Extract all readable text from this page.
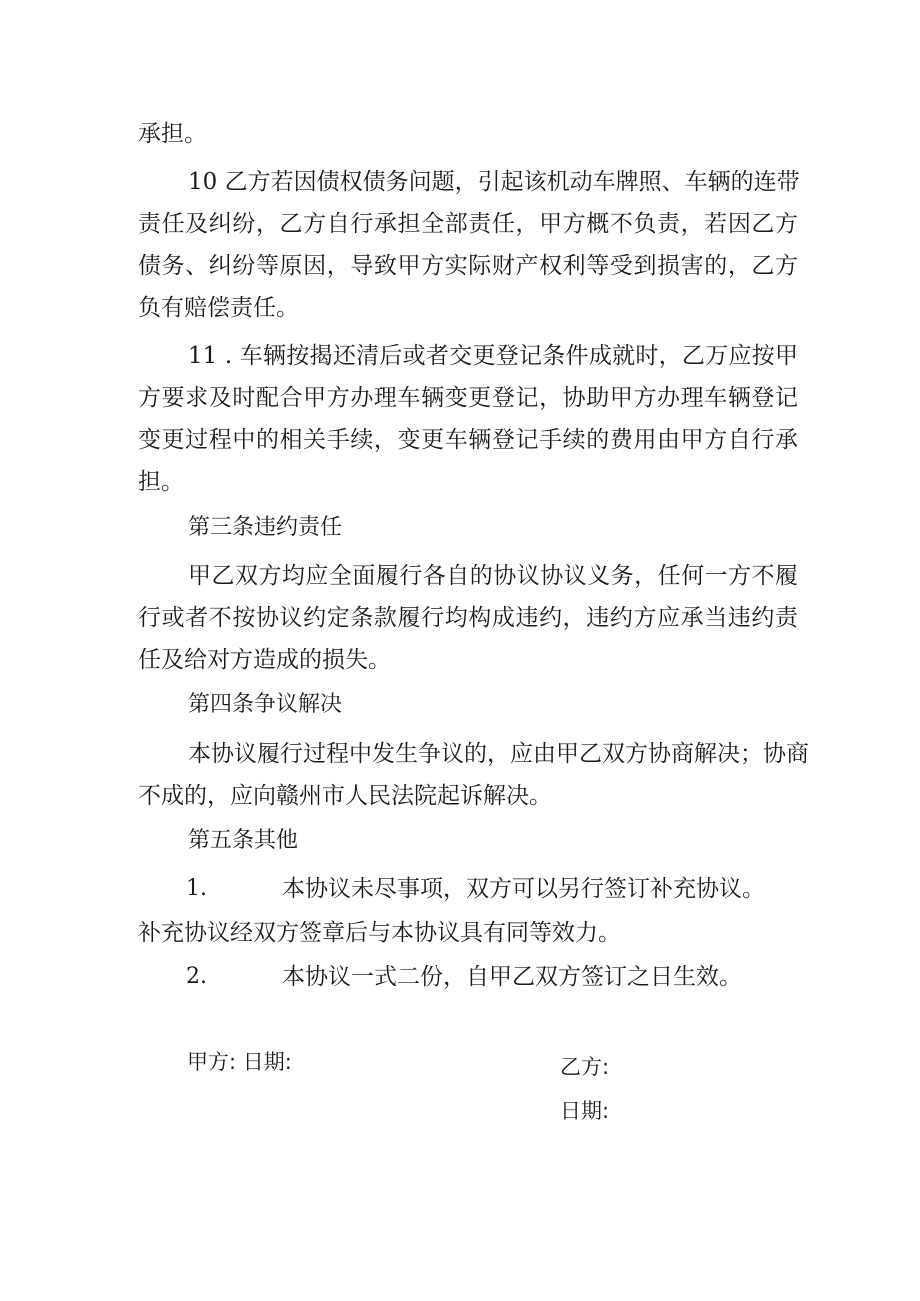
承担。
10 乙方若因债权债务问题，引起该机动车牌照、车辆的连带
责任及纠纷，乙方自行承担全部责任，甲方概不负责，若因乙方
债务、纠纷等原因，导致甲方实际财产权利等受到损害的，乙方
负有赔偿责任。
11 . 车辆按揭还清后或者交更登记条件成就时，乙万应按甲
方要求及时配合甲方办理车辆变更登记，协助甲方办理车辆登记
变更过程中的相关手续，变更车辆登记手续的费用由甲方自行承
担。
第三条违约责任
甲乙双方均应全面履行各自的协议协议义务，任何一方不履
行或者不按协议约定条款履行均构成违约，违约方应承当违约责
任及给对方造成的损失。
第四条争议解决
本协议履行过程中发生争议的，应由甲乙双方协商解决；协商
不成的，应向赣州市人民法院起诉解决。
第五条其他
1.	本协议未尽事项，双方可以另行签订补充协议。
补充协议经双方签章后与本协议具有同等效力。
2.	本协议一式二份，自甲乙双方签订之日生效。
甲方: 日期:	乙方:
日期:
